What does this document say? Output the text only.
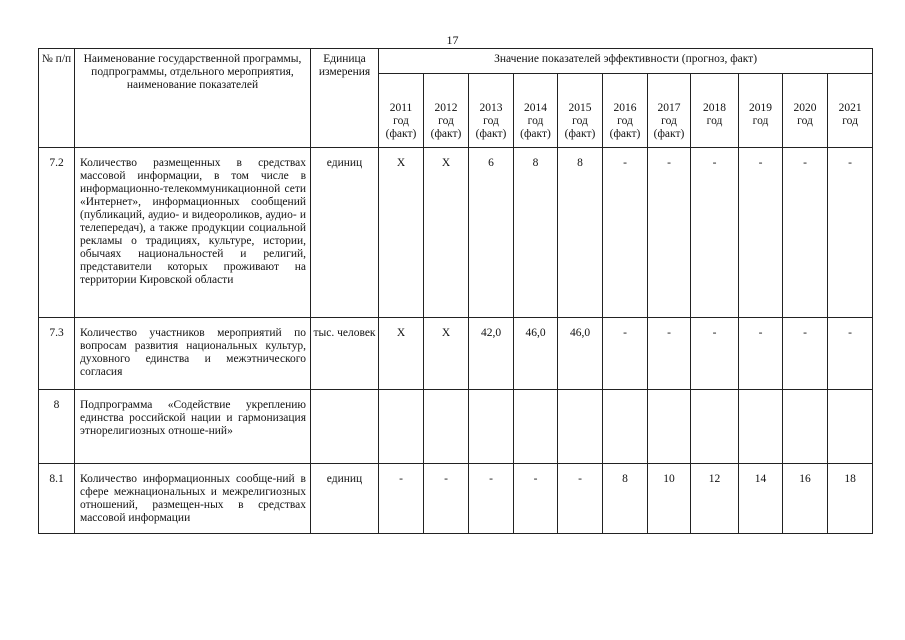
17
№ п/п	Наименование государственной программы, подпрограммы, отдельного мероприятия, наименование показателей	Единица измерения	Значение показателей эффективности (прогноз, факт)										

			2011
год
(факт)	2012
год
(факт)	2013
год
(факт)	2014
год
(факт)	2015
год
(факт)	2016
год
(факт)	2017
год
(факт)	2018
год	2019
год	2020
год	2021
год

7.2	Количество размещенных в средствах массовой информации, в том числе в информационно-телекоммуникационной сети «Интернет», информационных сообщений (публикаций, аудио- и видеороликов, аудио- и телепередач), а также продукции социальной рекламы о традициях, культуре, истории, обычаях национальностей и религий, представители которых проживают на территории Кировской области	единиц	Х	Х	6	8	8	-	-	-	-	-	-
7.3	Количество участников мероприятий по вопросам развития национальных культур, духовного единства и межэтнического согласия	тыс. человек	Х	Х	42,0	46,0	46,0	-	-	-	-	-	-
8	Подпрограмма «Содействие укреплению единства российской нации и гармонизация этнорелигиозных отноше-ний»												
8.1	Количество информационных сообще-ний в сфере межнациональных и межрелигиозных отношений, размещен-ных в средствах массовой информации	единиц	-	-	-	-	-	8	10	12	14	16	18
